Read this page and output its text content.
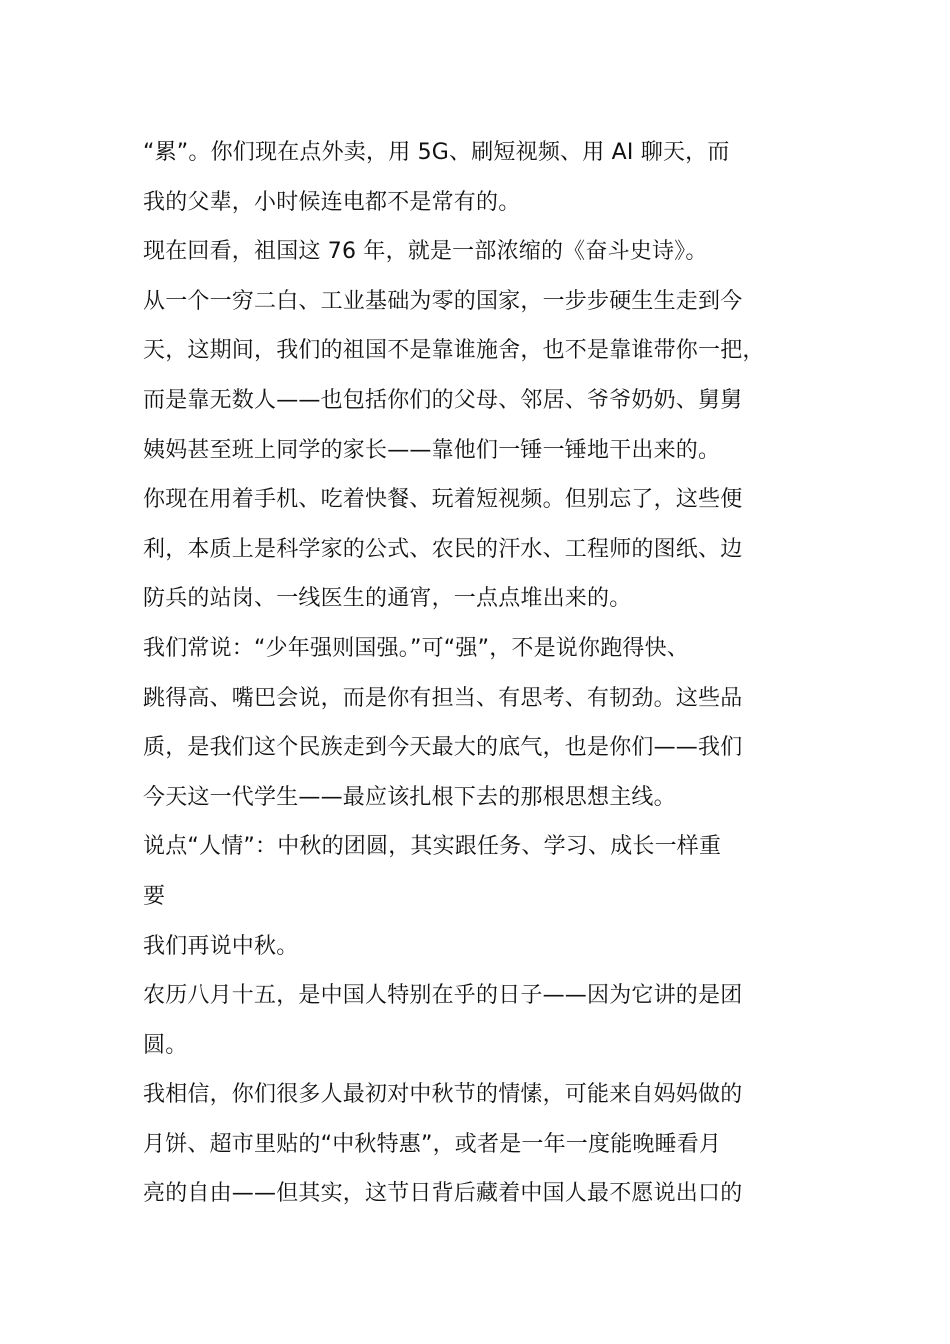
“累”。你们现在点外卖，用 5G、刷短视频、用 AI 聊天，而

我的父辈，小时候连电都不是常有的。

现在回看，祖国这 76 年，就是一部浓缩的《奋斗史诗》。

从一个一穷二白、工业基础为零的国家，一步步硬生生走到今

天，这期间，我们的祖国不是靠谁施舍，也不是靠谁带你一把，

而是靠无数人——也包括你们的父母、邻居、爷爷奶奶、舅舅

姨妈甚至班上同学的家长——靠他们一锤一锤地干出来的。

你现在用着手机、吃着快餐、玩着短视频。但别忘了，这些便

利，本质上是科学家的公式、农民的汗水、工程师的图纸、边

防兵的站岗、一线医生的通宵，一点点堆出来的。

我们常说：“少年强则国强。”可“强”，不是说你跑得快、

跳得高、嘴巴会说，而是你有担当、有思考、有韧劲。这些品

质，是我们这个民族走到今天最大的底气，也是你们——我们

今天这一代学生——最应该扎根下去的那根思想主线。

说点“人情”：中秋的团圆，其实跟任务、学习、成长一样重

要

我们再说中秋。

农历八月十五，是中国人特别在乎的日子——因为它讲的是团

圆。

我相信，你们很多人最初对中秋节的情愫，可能来自妈妈做的

月饼、超市里贴的“中秋特惠”，或者是一年一度能晚睡看月

亮的自由——但其实，这节日背后藏着中国人最不愿说出口的
